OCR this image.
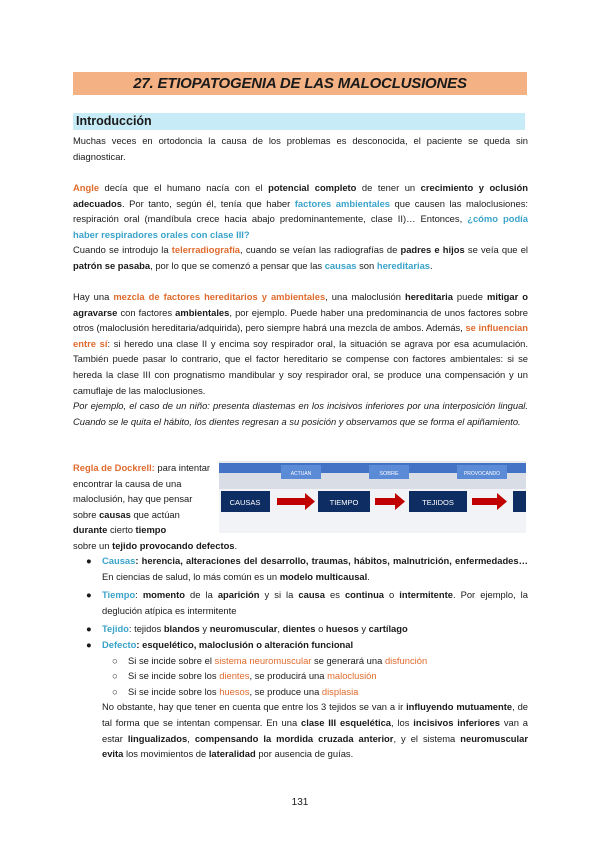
27. ETIOPATOGENIA DE LAS MALOCLUSIONES
Introducción

Muchas veces en ortodoncia la causa de los problemas es desconocida, el paciente se queda sin diagnosticar.

Angle decía que el humano nacía con el potencial completo de tener un crecimiento y oclusión adecuados. Por tanto, según él, tenía que haber factores ambientales que causen las maloclusiones: respiración oral (mandíbula crece hacia abajo predominantemente, clase II)… Entonces, ¿cómo podía haber respiradores orales con clase III?

Cuando se introdujo la telerradiografía, cuando se veían las radiografías de padres e hijos se veía que el patrón se pasaba, por lo que se comenzó a pensar que las causas son hereditarias.

Hay una mezcla de factores hereditarios y ambientales, una maloclusión hereditaria puede mitigar o agravarse con factores ambientales, por ejemplo. Puede haber una predominancia de unos factores sobre otros (maloclusión hereditaria/adquirida), pero siempre habrá una mezcla de ambos. Además, se influencian entre sí: si heredo una clase II y encima soy respirador oral, la situación se agrava por esa acumulación. También puede pasar lo contrario, que el factor hereditario se compense con factores ambientales: si se hereda la clase III con prognatismo mandibular y soy respirador oral, se produce una compensación y un camuflaje de las maloclusiones.

Por ejemplo, el caso de un niño: presenta diastemas en los incisivos inferiores por una interposición lingual. Cuando se le quita el hábito, los dientes regresan a su posición y observamos que se forma el apiñamiento.

Regla de Dockrell: para intentar encontrar la causa de una maloclusión, hay que pensar sobre causas que actúan durante cierto tiempo

sobre un tejido provocando defectos.

ACTUAN	SOBRE	PROVOCANDO
CAUSAS	TIEMPO	TEJIDOS
● Causas: herencia, alteraciones del desarrollo, traumas, hábitos, malnutrición, enfermedades… En ciencias de salud, lo más común es un modelo multicausal.
● Tiempo: momento de la aparición y si la causa es continua o intermitente. Por ejemplo, la deglución atípica es intermitente
● Tejido: tejidos blandos y neuromuscular, dientes o huesos y cartílago
● Defecto: esquelético, maloclusión o alteración funcional
○ Si se incide sobre el sistema neuromuscular se generará una disfunción
○ Si se incide sobre los dientes, se producirá una maloclusión
○ Si se incide sobre los huesos, se produce una displasia
No obstante, hay que tener en cuenta que entre los 3 tejidos se van a ir influyendo mutuamente, de tal forma que se intentan compensar. En una clase III esquelética, los incisivos inferiores van a estar lingualizados, compensando la mordida cruzada anterior, y el sistema neuromuscular evita los movimientos de lateralidad por ausencia de guías.
131
